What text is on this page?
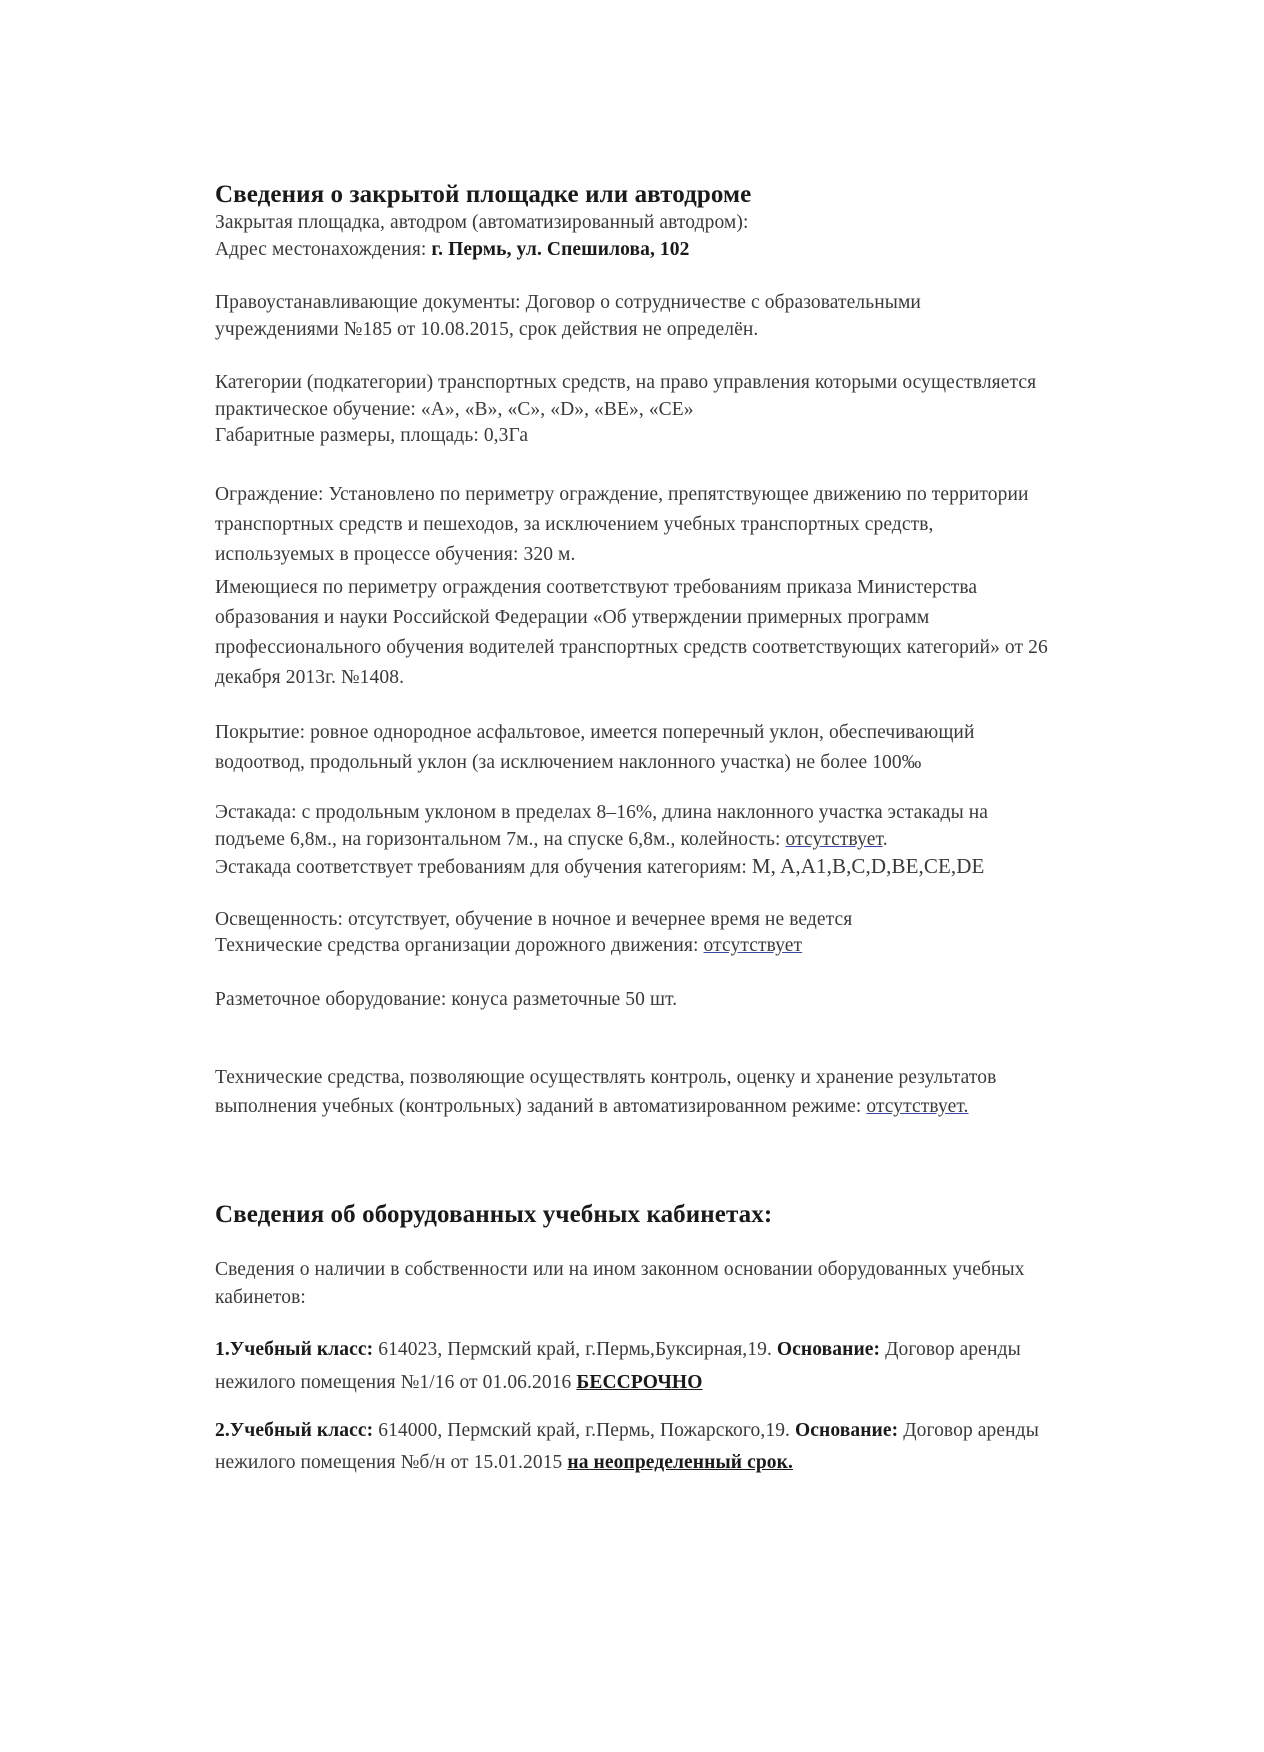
Сведения о закрытой площадке или автодроме
Закрытая площадка, автодром (автоматизированный автодром):
Адрес местонахождения: г. Пермь, ул. Спешилова, 102
Правоустанавливающие документы: Договор о сотрудничестве с образовательными
учреждениями №185 от 10.08.2015, срок действия не определён.
Категории (подкатегории) транспортных средств, на право управления которыми осуществляется
практическое обучение: «А», «В», «С», «D», «ВЕ», «СЕ»
Габаритные размеры, площадь: 0,3Га
Ограждение: Установлено по периметру ограждение, препятствующее движению по территории
транспортных средств и пешеходов, за исключением учебных транспортных средств,
используемых в процессе обучения: 320 м.
Имеющиеся по периметру ограждения соответствуют требованиям приказа Министерства
образования и науки Российской Федерации «Об утверждении примерных программ
профессионального обучения водителей транспортных средств соответствующих категорий» от 26
декабря 2013г. №1408.
Покрытие: ровное однородное асфальтовое, имеется поперечный уклон, обеспечивающий
водоотвод, продольный уклон (за исключением наклонного участка) не более 100‰
Эстакада: с продольным уклоном в пределах 8–16%, длина наклонного участка эстакады на
подъеме 6,8м., на горизонтальном 7м., на спуске 6,8м., колейность: отсутствует.
Эстакада соответствует требованиям для обучения категориям: M, A,A1,B,C,D,BE,CE,DE
Освещенность: отсутствует, обучение в ночное и вечернее время не ведется
Технические средства организации дорожного движения: отсутствует
Разметочное оборудование: конуса разметочные 50 шт.
Технические средства, позволяющие осуществлять контроль, оценку и хранение результатов
выполнения учебных (контрольных) заданий в автоматизированном режиме: отсутствует.
Сведения об оборудованных учебных кабинетах:
Сведения о наличии в собственности или на ином законном основании оборудованных учебных
кабинетов:
1.Учебный класс: 614023, Пермский край, г.Пермь,Буксирная,19. Основание: Договор аренды
нежилого помещения №1/16 от 01.06.2016 БЕССРОЧНО
2.Учебный класс: 614000, Пермский край, г.Пермь, Пожарского,19. Основание: Договор аренды
нежилого помещения №б/н от 15.01.2015 на неопределенный срок.
